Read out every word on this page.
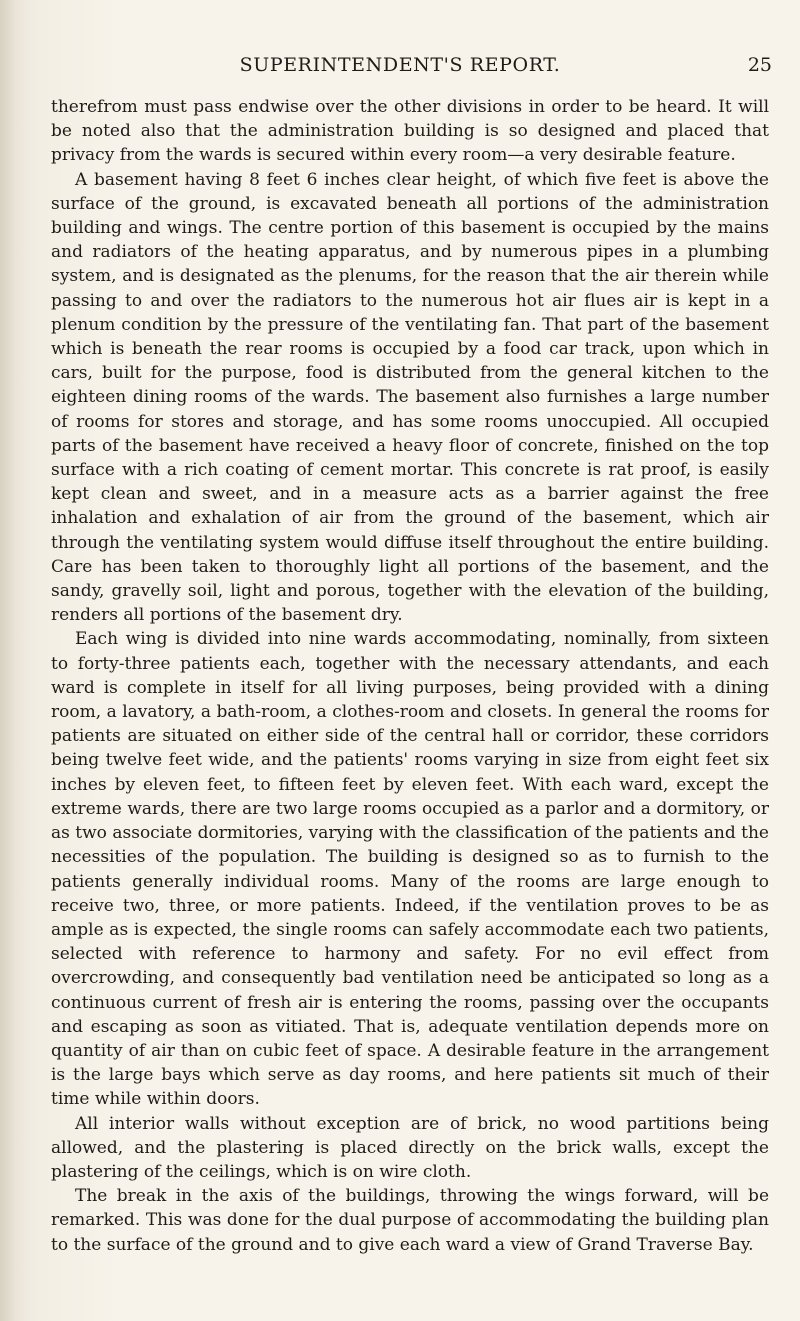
SUPERINTENDENT'S REPORT.	25

therefrom must pass endwise over the other divisions in order to be heard. It will be noted also that the administration building is so designed and placed that privacy from the wards is secured within every room—a very desirable feature.

A basement having 8 feet 6 inches clear height, of which five feet is above the surface of the ground, is excavated beneath all portions of the administration building and wings. The centre portion of this basement is occupied by the mains and radiators of the heating apparatus, and by numerous pipes in a plumbing system, and is designated as the plenums, for the reason that the air therein while passing to and over the radiators to the numerous hot air flues air is kept in a plenum condition by the pressure of the ventilating fan. That part of the basement which is beneath the rear rooms is occupied by a food car track, upon which in cars, built for the purpose, food is distributed from the general kitchen to the eighteen dining rooms of the wards. The basement also furnishes a large number of rooms for stores and storage, and has some rooms unoccupied. All occupied parts of the basement have received a heavy floor of concrete, finished on the top surface with a rich coating of cement mortar. This concrete is rat proof, is easily kept clean and sweet, and in a measure acts as a barrier against the free inhalation and exhalation of air from the ground of the basement, which air through the ventilating system would diffuse itself throughout the entire building. Care has been taken to thoroughly light all portions of the basement, and the sandy, gravelly soil, light and porous, together with the elevation of the building, renders all portions of the basement dry.

Each wing is divided into nine wards accommodating, nominally, from sixteen to forty-three patients each, together with the necessary attendants, and each ward is complete in itself for all living purposes, being provided with a dining room, a lavatory, a bath-room, a clothes-room and closets. In general the rooms for patients are situated on either side of the central hall or corridor, these corridors being twelve feet wide, and the patients' rooms varying in size from eight feet six inches by eleven feet, to fifteen feet by eleven feet. With each ward, except the extreme wards, there are two large rooms occupied as a parlor and a dormitory, or as two associate dormitories, varying with the classification of the patients and the necessities of the population. The building is designed so as to furnish to the patients generally individual rooms. Many of the rooms are large enough to receive two, three, or more patients. Indeed, if the ventilation proves to be as ample as is expected, the single rooms can safely accommodate each two patients, selected with reference to harmony and safety. For no evil effect from overcrowding, and consequently bad ventilation need be anticipated so long as a continuous current of fresh air is entering the rooms, passing over the occupants and escaping as soon as vitiated. That is, adequate ventilation depends more on quantity of air than on cubic feet of space. A desirable feature in the arrangement is the large bays which serve as day rooms, and here patients sit much of their time while within doors.

All interior walls without exception are of brick, no wood partitions being allowed, and the plastering is placed directly on the brick walls, except the plastering of the ceilings, which is on wire cloth.

The break in the axis of the buildings, throwing the wings forward, will be remarked. This was done for the dual purpose of accommodating the building plan to the surface of the ground and to give each ward a view of Grand Traverse Bay.
